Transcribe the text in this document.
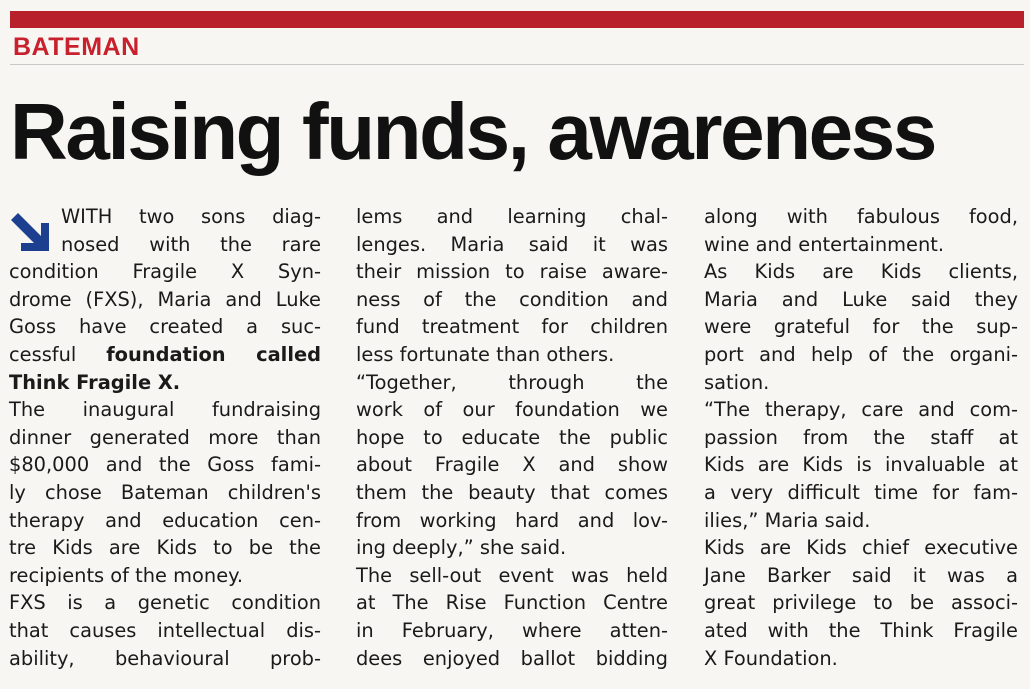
BATEMAN
Raising funds, awareness
WITH two sons diag-
nosed with the rare
condition Fragile X Syn-
drome (FXS), Maria and Luke
Goss have created a suc-
cessful foundation called
Think Fragile X.
The inaugural fundraising
dinner generated more than
$80,000 and the Goss fami-
ly chose Bateman children's
therapy and education cen-
tre Kids are Kids to be the
recipients of the money.
FXS is a genetic condition
that causes intellectual dis-
ability, behavioural prob-
lems and learning chal-
lenges. Maria said it was
their mission to raise aware-
ness of the condition and
fund treatment for children
less fortunate than others.
“Together, through the
work of our foundation we
hope to educate the public
about Fragile X and show
them the beauty that comes
from working hard and lov-
ing deeply,” she said.
The sell-out event was held
at The Rise Function Centre
in February, where atten-
dees enjoyed ballot bidding
along with fabulous food,
wine and entertainment.
As Kids are Kids clients,
Maria and Luke said they
were grateful for the sup-
port and help of the organi-
sation.
“The therapy, care and com-
passion from the staff at
Kids are Kids is invaluable at
a very difficult time for fam-
ilies,” Maria said.
Kids are Kids chief executive
Jane Barker said it was a
great privilege to be associ-
ated with the Think Fragile
X Foundation.
